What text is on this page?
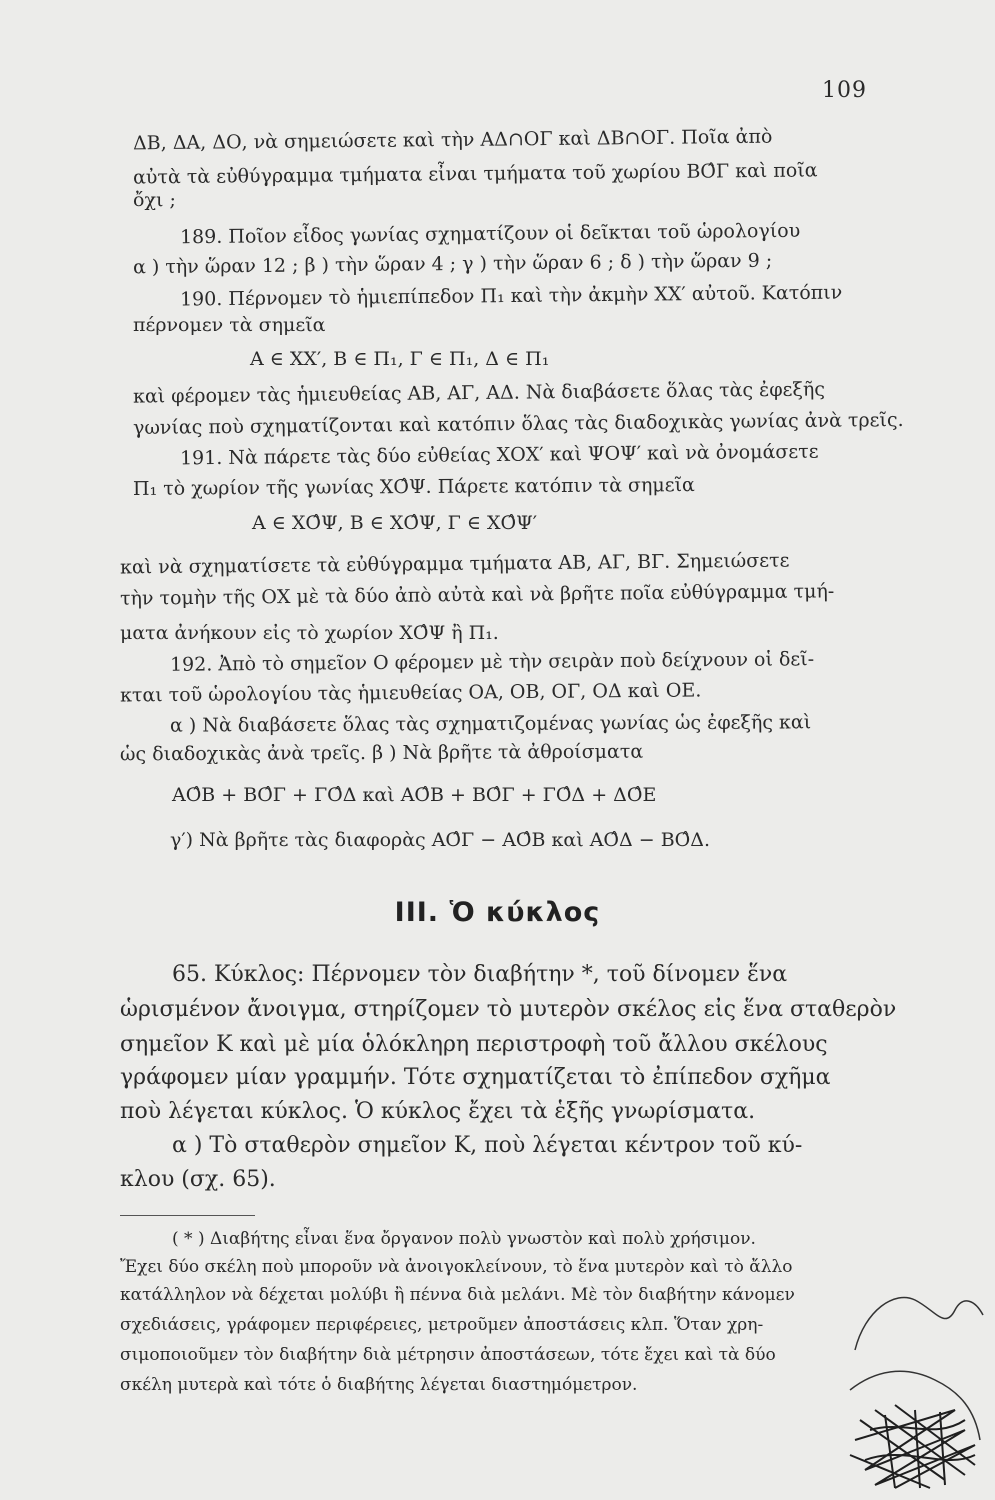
109
ΔΒ, ΔΑ, ΔΟ, νὰ σημειώσετε καὶ τὴν ΑΔ∩ΟΓ καὶ ΔΒ∩ΟΓ. Ποῖα ἀπὸ
αὐτὰ τὰ εὐθύγραμμα τμήματα εἶναι τμήματα τοῦ χωρίου ΒΟ̂Γ καὶ ποῖα
ὄχι ;
189. Ποῖον εἶδος γωνίας σχηματίζουν οἱ δεῖκται τοῦ ὡρολογίου
α ) τὴν ὥραν 12 ; β ) τὴν ὥραν 4 ; γ ) τὴν ὥραν 6 ; δ ) τὴν ὥραν 9 ;
190. Πέρνομεν τὸ ἡμιεπίπεδον Π₁ καὶ τὴν ἀκμὴν ΧΧ′ αὐτοῦ. Κατόπιν
πέρνομεν τὰ σημεῖα
Α ∈ ΧΧ′, Β ∈ Π₁, Γ ∈ Π₁, Δ ∈ Π₁
καὶ φέρομεν τὰς ἡμιευθείας ΑΒ, ΑΓ, ΑΔ. Νὰ διαβάσετε ὅλας τὰς ἐφεξῆς
γωνίας ποὺ σχηματίζονται καὶ κατόπιν ὅλας τὰς διαδοχικὰς γωνίας ἀνὰ τρεῖς.
191. Νὰ πάρετε τὰς δύο εὐθείας ΧΟΧ′ καὶ ΨΟΨ′ καὶ νὰ ὀνομάσετε
Π₁ τὸ χωρίον τῆς γωνίας ΧΟ̂Ψ. Πάρετε κατόπιν τὰ σημεῖα
Α ∈ ΧΟ̂Ψ, Β ∈ ΧΟ̂Ψ, Γ ∈ ΧΟ̂Ψ′
καὶ νὰ σχηματίσετε τὰ εὐθύγραμμα τμήματα ΑΒ, ΑΓ, ΒΓ. Σημειώσετε
τὴν τομὴν τῆς ΟΧ μὲ τὰ δύο ἀπὸ αὐτὰ καὶ νὰ βρῆτε ποῖα εὐθύγραμμα τμή-
ματα ἀνήκουν εἰς τὸ χωρίον ΧΟ̂Ψ ἢ Π₁.
192. Ἀπὸ τὸ σημεῖον Ο φέρομεν μὲ τὴν σειρὰν ποὺ δείχνουν οἱ δεῖ-
κται τοῦ ὡρολογίου τὰς ἡμιευθείας ΟΑ, ΟΒ, ΟΓ, ΟΔ καὶ ΟΕ.
α ) Νὰ διαβάσετε ὅλας τὰς σχηματιζομένας γωνίας ὡς ἐφεξῆς καὶ
ὡς διαδοχικὰς ἀνὰ τρεῖς. β ) Νὰ βρῆτε τὰ ἀθροίσματα
ΑΟ̂Β + ΒΟ̂Γ + ΓΟ̂Δ καὶ ΑΟ̂Β + ΒΟ̂Γ + ΓΟ̂Δ + ΔΟ̂Ε
γ′) Νὰ βρῆτε τὰς διαφορὰς ΑΟ̂Γ − ΑΟ̂Β καὶ ΑΟ̂Δ − ΒΟ̂Δ.
III. Ὁ κύκλος
65. Κύκλος: Πέρνομεν τὸν διαβήτην *, τοῦ δίνομεν ἕνα
ὡρισμένον ἄνοιγμα, στηρίζομεν τὸ μυτερὸν σκέλος εἰς ἕνα σταθερὸν
σημεῖον Κ καὶ μὲ μία ὁλόκληρη περιστροφὴ τοῦ ἄλλου σκέλους
γράφομεν μίαν γραμμήν. Τότε σχηματίζεται τὸ ἐπίπεδον σχῆμα
ποὺ λέγεται κύκλος. Ὁ κύκλος ἔχει τὰ ἑξῆς γνωρίσματα.
α ) Τὸ σταθερὸν σημεῖον Κ, ποὺ λέγεται κέντρον τοῦ κύ-
κλου (σχ. 65).
( * ) Διαβήτης εἶναι ἕνα ὄργανον πολὺ γνωστὸν καὶ πολὺ χρήσιμον.
Ἔχει δύο σκέλη ποὺ μποροῦν νὰ ἀνοιγοκλείνουν, τὸ ἕνα μυτερὸν καὶ τὸ ἄλλο
κατάλληλον νὰ δέχεται μολύβι ἢ πέννα διὰ μελάνι. Μὲ τὸν διαβήτην κάνομεν
σχεδιάσεις, γράφομεν περιφέρειες, μετροῦμεν ἀποστάσεις κλπ. Ὅταν χρη-
σιμοποιοῦμεν τὸν διαβήτην διὰ μέτρησιν ἀποστάσεων, τότε ἔχει καὶ τὰ δύο
σκέλη μυτερὰ καὶ τότε ὁ διαβήτης λέγεται διαστημόμετρον.
